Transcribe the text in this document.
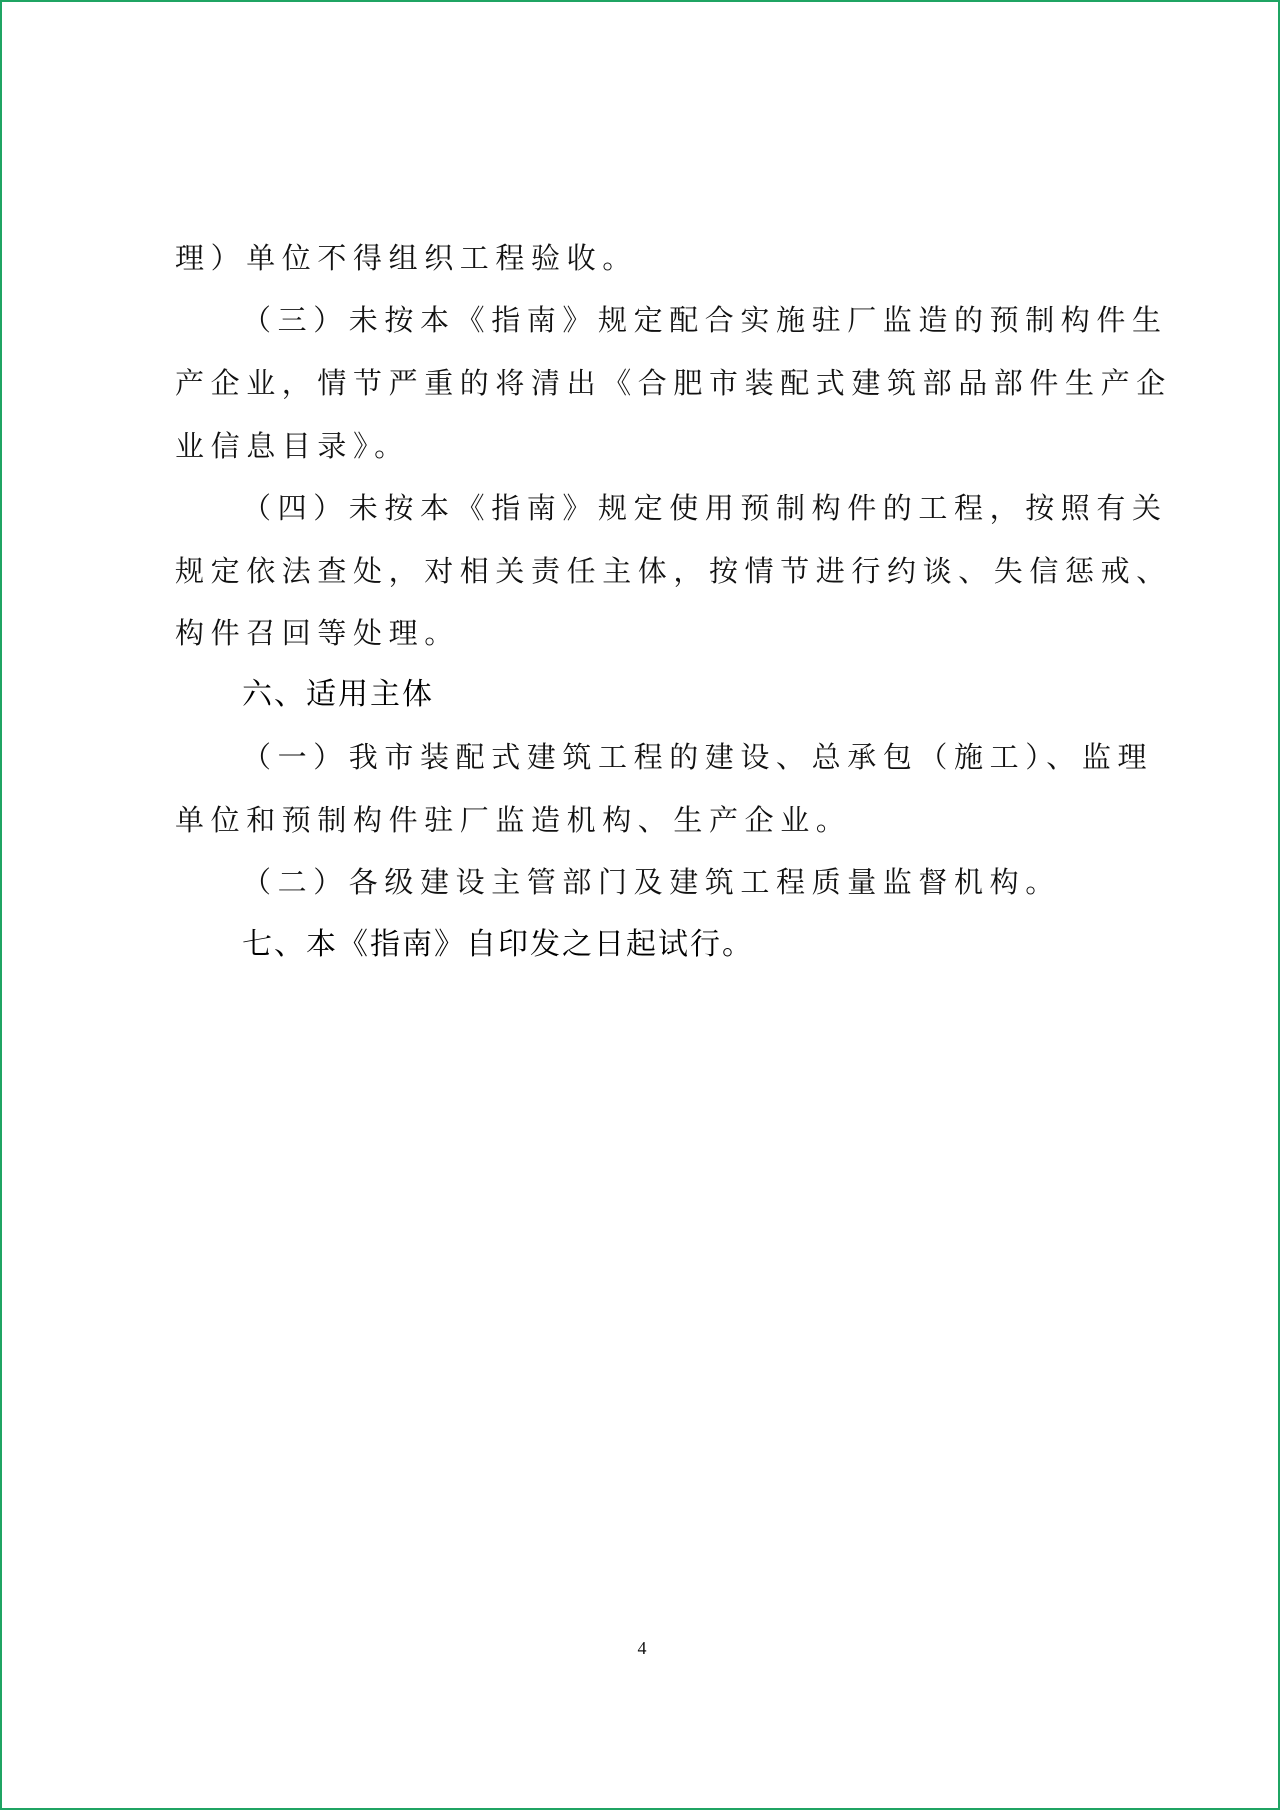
理）单位不得组织工程验收。

（三）未按本《指南》规定配合实施驻厂监造的预制构件生

产企业，情节严重的将清出《合肥市装配式建筑部品部件生产企

业信息目录》。

（四）未按本《指南》规定使用预制构件的工程，按照有关

规定依法查处，对相关责任主体，按情节进行约谈、失信惩戒、

构件召回等处理。

六、适用主体

（一）我市装配式建筑工程的建设、总承包（施工）、监理

单位和预制构件驻厂监造机构、生产企业。

（二）各级建设主管部门及建筑工程质量监督机构。

七、本《指南》自印发之日起试行。

4
